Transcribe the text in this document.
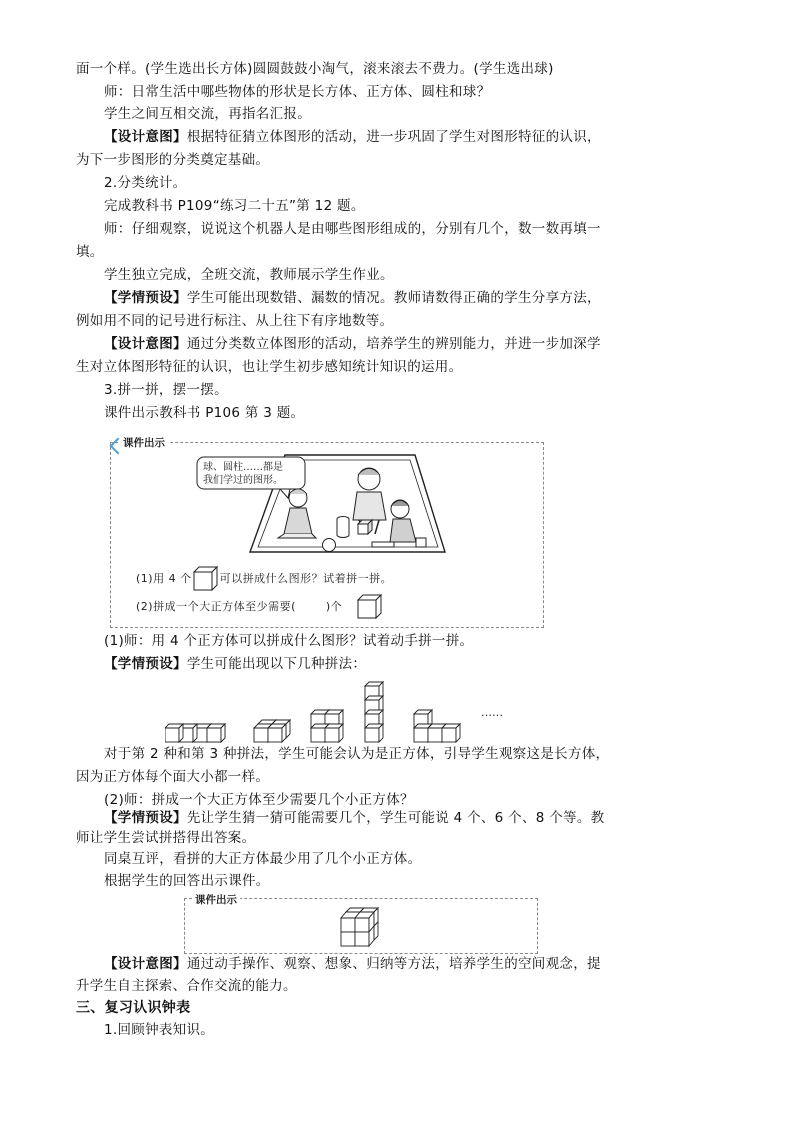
面一个样。(学生选出长方体)圆圆鼓鼓小淘气，滚来滚去不费力。(学生选出球)
师：日常生活中哪些物体的形状是长方体、正方体、圆柱和球？
学生之间互相交流，再指名汇报。
【设计意图】根据特征猜立体图形的活动，进一步巩固了学生对图形特征的认识，
为下一步图形的分类奠定基础。
2.分类统计。
完成教科书 P109“练习二十五”第 12 题。
师：仔细观察，说说这个机器人是由哪些图形组成的，分别有几个，数一数再填一
填。
学生独立完成，全班交流，教师展示学生作业。
【学情预设】学生可能出现数错、漏数的情况。教师请数得正确的学生分享方法，
例如用不同的记号进行标注、从上往下有序地数等。
【设计意图】通过分类数立体图形的活动，培养学生的辨别能力，并进一步加深学
生对立体图形特征的认识，也让学生初步感知统计知识的运用。
3.拼一拼，摆一摆。
课件出示教科书 P106 第 3 题。
课件出示
球、圆柱……都是
我们学过的图形。
(1)用 4 个	可以拼成什么图形？试着拼一拼。
(2)拼成一个大正方体至少需要(	)个
(1)师：用 4 个正方体可以拼成什么图形？试着动手拼一拼。
【学情预设】学生可能出现以下几种拼法：
……
对于第 2 种和第 3 种拼法，学生可能会认为是正方体，引导学生观察这是长方体，
因为正方体每个面大小都一样。
(2)师：拼成一个大正方体至少需要几个小正方体？
【学情预设】先让学生猜一猜可能需要几个，学生可能说 4 个、6 个、8 个等。教
师让学生尝试拼搭得出答案。
同桌互评，看拼的大正方体最少用了几个小正方体。
根据学生的回答出示课件。
课件出示
【设计意图】通过动手操作、观察、想象、归纳等方法，培养学生的空间观念，提
升学生自主探索、合作交流的能力。
三、复习认识钟表
1.回顾钟表知识。
